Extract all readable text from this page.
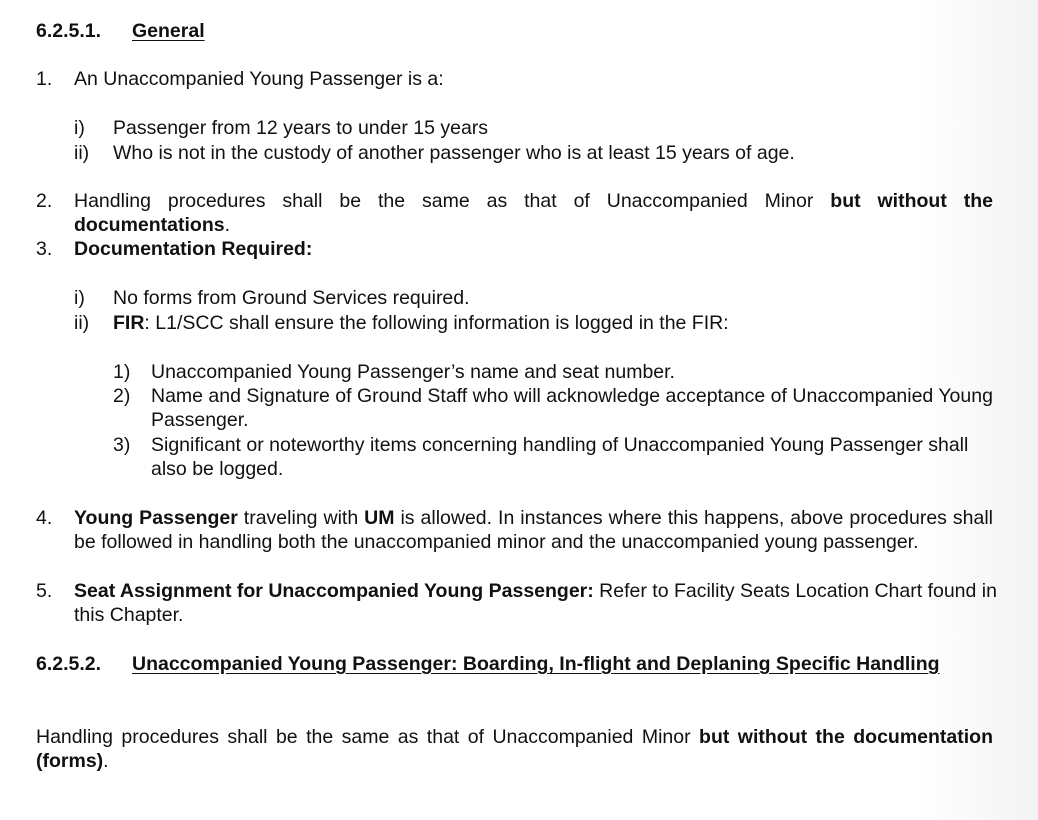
6.2.5.1. General
1. An Unaccompanied Young Passenger is a:
i) Passenger from 12 years to under 15 years
ii) Who is not in the custody of another passenger who is at least 15 years of age.
2. Handling procedures shall be the same as that of Unaccompanied Minor but without the documentations.
3. Documentation Required:
i) No forms from Ground Services required.
ii) FIR: L1/SCC shall ensure the following information is logged in the FIR:
1) Unaccompanied Young Passenger’s name and seat number.
2) Name and Signature of Ground Staff who will acknowledge acceptance of Unaccompanied Young Passenger.
3) Significant or noteworthy items concerning handling of Unaccompanied Young Passenger shall also be logged.
4. Young Passenger traveling with UM is allowed. In instances where this happens, above procedures shall be followed in handling both the unaccompanied minor and the unaccompanied young passenger.
5. Seat Assignment for Unaccompanied Young Passenger: Refer to Facility Seats Location Chart found in this Chapter.
6.2.5.2. Unaccompanied Young Passenger: Boarding, In-flight and Deplaning Specific Handling
Handling procedures shall be the same as that of Unaccompanied Minor but without the documentation (forms).
